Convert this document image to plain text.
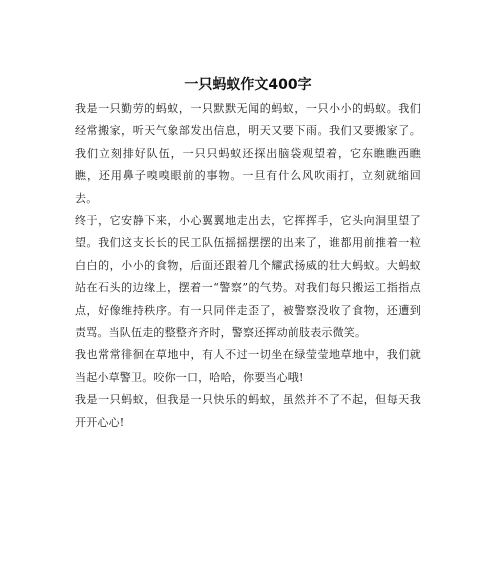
一只蚂蚁作文400字

我是一只勤劳的蚂蚁，一只默默无闻的蚂蚁，一只小小的蚂蚁。我们经常搬家，听天气象部发出信息，明天又要下雨。我们又要搬家了。我们立刻排好队伍，一只只蚂蚁还探出脑袋观望着，它东瞧瞧西瞧瞧，还用鼻子嗅嗅眼前的事物。一旦有什么风吹雨打，立刻就缩回去。

终于，它安静下来，小心翼翼地走出去，它挥挥手，它头向洞里望了望。我们这支长长的民工队伍摇摇摆摆的出来了，谁都用前推着一粒白白的，小小的食物，后面还跟着几个耀武扬威的壮大蚂蚁。大蚂蚁站在石头的边缘上，摆着一“警察”的气势。对我们每只搬运工指指点点，好像维持秩序。有一只同伴走歪了，被警察没收了食物，还遭到责骂。当队伍走的整整齐齐时，警察还挥动前肢表示微笑。

我也常常徘徊在草地中，有人不过一切坐在绿莹莹地草地中，我们就当起小草警卫。咬你一口，哈哈，你要当心哦!

我是一只蚂蚁，但我是一只快乐的蚂蚁，虽然并不了不起，但每天我开开心心!
